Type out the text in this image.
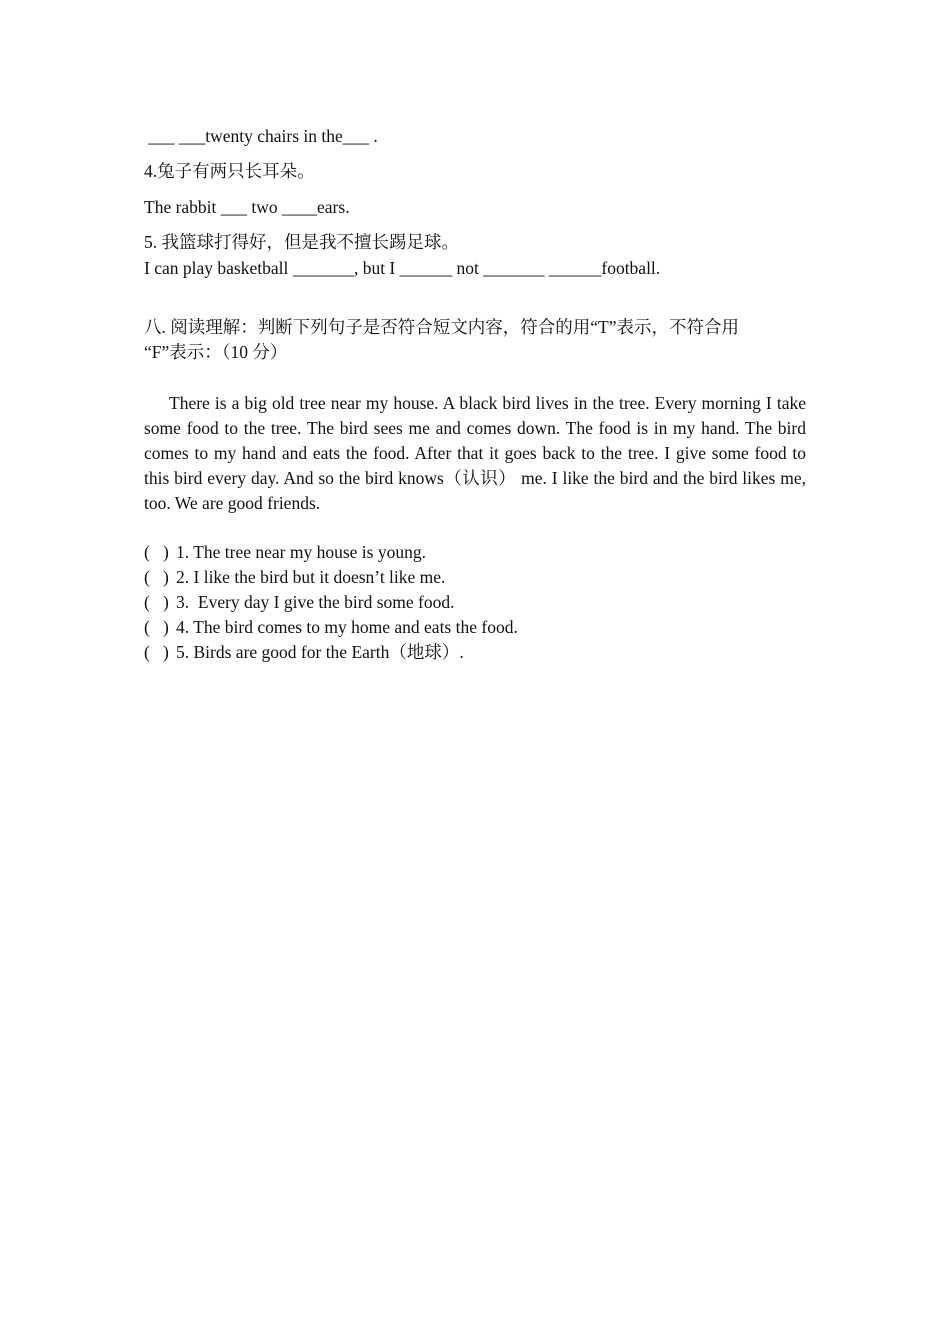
___ ___twenty chairs in the___ .
4.兔子有两只长耳朵。
The rabbit ___ two ____ears.
5. 我篮球打得好，但是我不擅长踢足球。
I can play basketball _______, but I ______ not _______ ______football.
八. 阅读理解：判断下列句子是否符合短文内容，符合的用“T”表示，不符合用
“F”表示：（10 分）
There is a big old tree near my house. A black bird lives in the tree. Every morning I take some food to the tree. The bird sees me and comes down. The food is in my hand. The bird comes to my hand and eats the food. After that it goes back to the tree. I give some food to this bird every day. And so the bird knows（认识） me. I like the bird and the bird likes me, too. We are good friends.
(   ) 1. The tree near my house is young.
(   ) 2. I like the bird but it doesn’t like me.
(   ) 3.  Every day I give the bird some food.
(   ) 4. The bird comes to my home and eats the food.
(   ) 5. Birds are good for the Earth（地球）.
